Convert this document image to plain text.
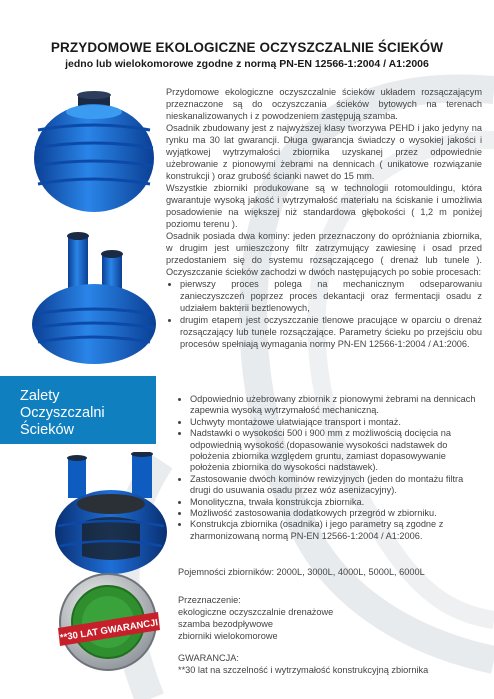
PRZYDOMOWE EKOLOGICZNE OCZYSZCZALNIE ŚCIEKÓW
jedno lub wielokomorowe zgodne z normą PN-EN 12566-1:2004 / A1:2006

Przydomowe ekologiczne oczyszczalnie ścieków układem rozsączającym przeznaczone są do oczyszczania ścieków bytowych na terenach nieskanalizowanych i z powodzeniem zastępują szamba.

Osadnik zbudowany jest z najwyższej klasy tworzywa PEHD i jako jedyny na rynku ma 30 lat gwarancji. Długa gwarancja świadczy o wysokiej jakości i wyjątkowej wytrzymałości zbiornika uzyskanej przez odpowiednie użebrowanie z pionowymi żebrami na dennicach ( unikatowe rozwiązanie konstrukcji ) oraz grubość ścianki nawet do 15 mm.

Wszystkie zbiorniki produkowane są w technologii rotomouldingu, która gwarantuje wysoką jakość i wytrzymałość materiału na ściskanie i umożliwia posadowienie na większej niż standardowa głębokości ( 1,2 m poniżej poziomu terenu ).

Osadnik posiada dwa kominy: jeden przeznaczony do opróżniania zbiornika, w drugim jest umieszczony filtr zatrzymujący zawiesinę i osad przed przedostaniem się do systemu rozsączającego ( drenaż lub tunele ). Oczyszczanie ścieków zachodzi w dwóch następujących po sobie procesach:

• pierwszy proces polega na mechanicznym odseparowaniu zanieczyszczeń poprzez proces dekantacji oraz fermentacji osadu z udziałem bakterii beztlenowych,
• drugim etapem jest oczyszczanie tlenowe pracujące w oparciu o drenaż rozsączający lub tunele rozsączające. Parametry ścieku po przejściu obu procesów spełniają wymagania normy PN-EN 12566-1:2004 / A1:2006.
Zalety
Oczyszczalni
Ścieków
• Odpowiednio użebrowany zbiornik z pionowymi żebrami na dennicach zapewnia wysoką wytrzymałość mechaniczną.
• Uchwyty montażowe ułatwiające transport i montaż.
• Nadstawki o wysokości 500 i 900 mm z możliwością docięcia na odpowiednią wysokość (dopasowanie wysokości nadstawek do położenia zbiornika względem gruntu, zamiast dopasowywanie położenia zbiornika do wysokości nadstawek).
• Zastosowanie dwóch kominów rewizyjnych (jeden do montażu filtra drugi do usuwania osadu przez wóz asenizacyjny).
• Monolityczna, trwała konstrukcja zbiornika.
• Możliwość zastosowania dodatkowych przegród w zbiorniku.
• Konstrukcja zbiornika (osadnika) i jego parametry są zgodne z zharmonizowaną normą PN-EN 12566-1:2004 / A1:2006.

Pojemności zbiorników: 2000L, 3000L, 4000L, 5000L, 6000L

Przeznaczenie:

ekologiczne oczyszczalnie drenażowe

szamba bezodpływowe

zbiorniki wielokomorowe

GWARANCJA:

**30 lat na szczelność i wytrzymałość konstrukcyjną zbiornika

**30 LAT GWARANCJI
